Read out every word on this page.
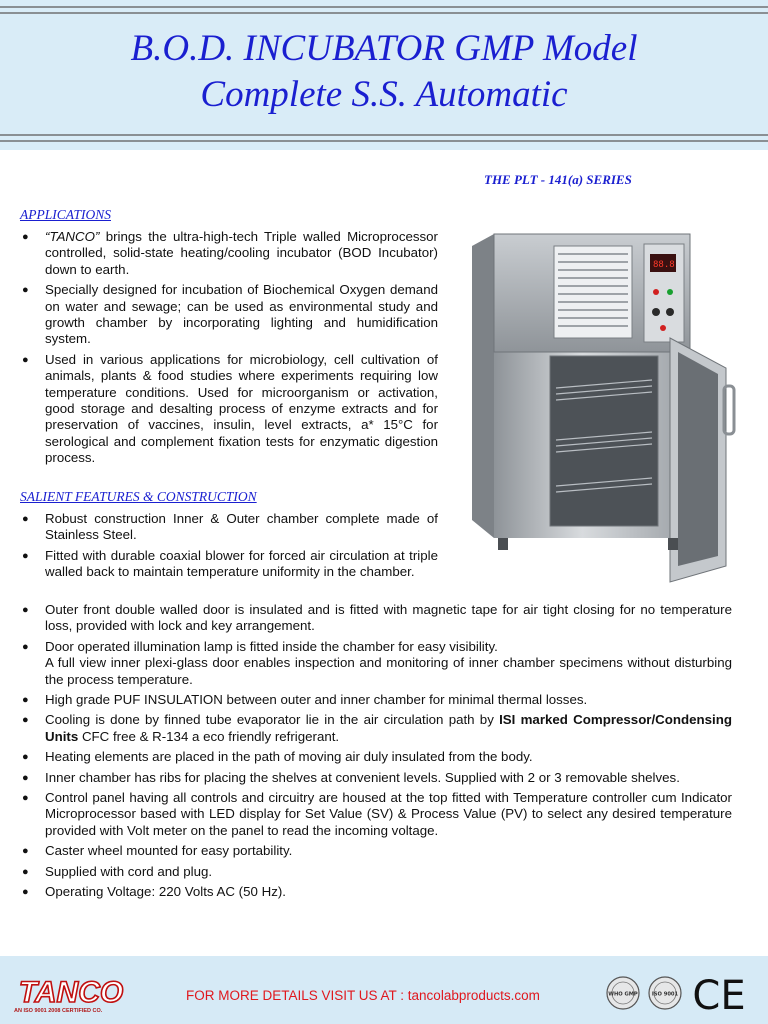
B.O.D. INCUBATOR GMP Model
Complete S.S. Automatic
THE PLT - 141(a) SERIES
APPLICATIONS
● “TANCO” brings the ultra-high-tech Triple walled Microprocessor controlled, solid-state heating/cooling incubator (BOD Incubator) down to earth.
● Specially designed for incubation of Biochemical Oxygen demand on water and sewage; can be used as environmental study and growth chamber by incorporating lighting and humidification system.
● Used in various applications for microbiology, cell cultivation of animals, plants & food studies where experiments requiring low temperature conditions. Used for microorganism or activation, good storage and desalting process of enzyme extracts and for preservation of vaccines, insulin, level extracts, a* 15°C for serological and complement fixation tests for enzymatic digestion process.
SALIENT FEATURES & CONSTRUCTION
● Robust construction Inner & Outer chamber complete made of Stainless Steel.
● Fitted with durable coaxial blower for forced air circulation at triple walled back to maintain temperature uniformity in the chamber.
● Outer front double walled door is insulated and is fitted with magnetic tape for air tight closing for no temperature loss, provided with lock and key arrangement.
● Door operated illumination lamp is fitted inside the chamber for easy visibility.
A full view inner plexi-glass door enables inspection and monitoring of inner chamber specimens without disturbing the process temperature.
● High grade PUF INSULATION between outer and inner chamber for minimal thermal losses.
● Cooling is done by finned tube evaporator lie in the air circulation path by ISI marked Compressor/Condensing Units CFC free & R-134 a eco friendly refrigerant.
● Heating elements are placed in the path of moving air duly insulated from the body.
● Inner chamber has ribs for placing the shelves at convenient levels. Supplied with 2 or 3 removable shelves.
● Control panel having all controls and circuitry are housed at the top fitted with Temperature controller cum Indicator Microprocessor based with LED display for Set Value (SV) & Process Value (PV) to select any desired temperature provided with Volt meter on the panel to read the incoming voltage.
● Caster wheel mounted for easy portability.
● Supplied with cord and plug.
● Operating Voltage: 220 Volts AC (50 Hz).
88.8
TANCO
AN ISO 9001 2008 CERTIFIED CO.
FOR MORE DETAILS VISIT US AT : tancolabproducts.com	WHO GMP	ISO 9001 CE
